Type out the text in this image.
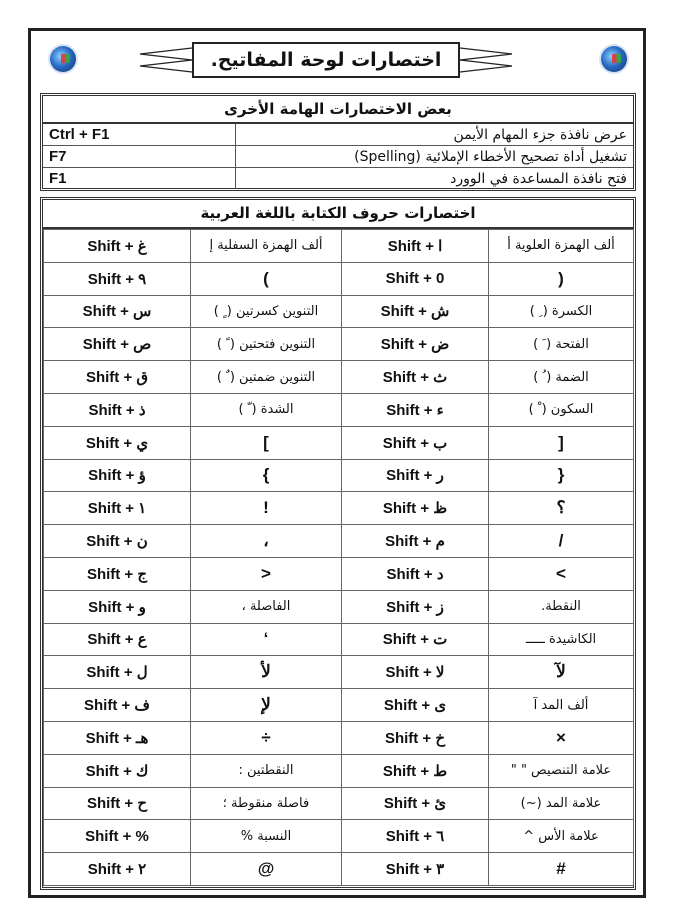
اختصارات لوحة المفاتيح.
بعض الاختصارات الهامة الأخرى
Ctrl + F1	عرض نافذة جزء المهام الأيمن
F7	تشغيل أداة تصحيح الأخطاء الإملائية (Spelling)
F1	فتح نافذة المساعدة في الوورد
اختصارات حروف الكتابة باللغة العربية
Shift + غ	ألف الهمزة السفلية إ	Shift + ا	ألف الهمزة العلوية أ
Shift + ٩	(	Shift + 0	)
Shift + س	التنوين كسرتين ( ٍ )	Shift + ش	الكسرة ( ِ )
Shift + ص	التنوين فتحتين ( ً )	Shift + ض	الفتحة ( َ )
Shift + ق	التنوين ضمتين ( ٌ )	Shift + ث	الضمة ( ُ )
Shift + ذ	الشدة ( ّ )	Shift + ء	السكون ( ْ )
Shift + ي	[	Shift + ب	]
Shift + ؤ	{	Shift + ر	}
Shift + ١	!	Shift + ظ	؟
Shift + ن	،	Shift + م	/
Shift + ج	>	Shift + د	<
Shift + و	الفاصلة ،	Shift + ز	النقطة.
Shift + ع	‘	Shift + ت	الكاشيدة ـــــ
Shift + ل	لأ	Shift + لا	لآ
Shift + ف	لإ	Shift + ى	ألف المد آ
Shift + هـ	÷	Shift + خ	×
Shift + ك	النقطتين :	Shift + ط	علامة التنصيص " "
Shift + ح	فاصلة منقوطة ؛	Shift + ئ	علامة المد (~)
Shift + %	النسبة %	Shift + ٦	علامة الأس ^
Shift + ٢	@	Shift + ٣	#
